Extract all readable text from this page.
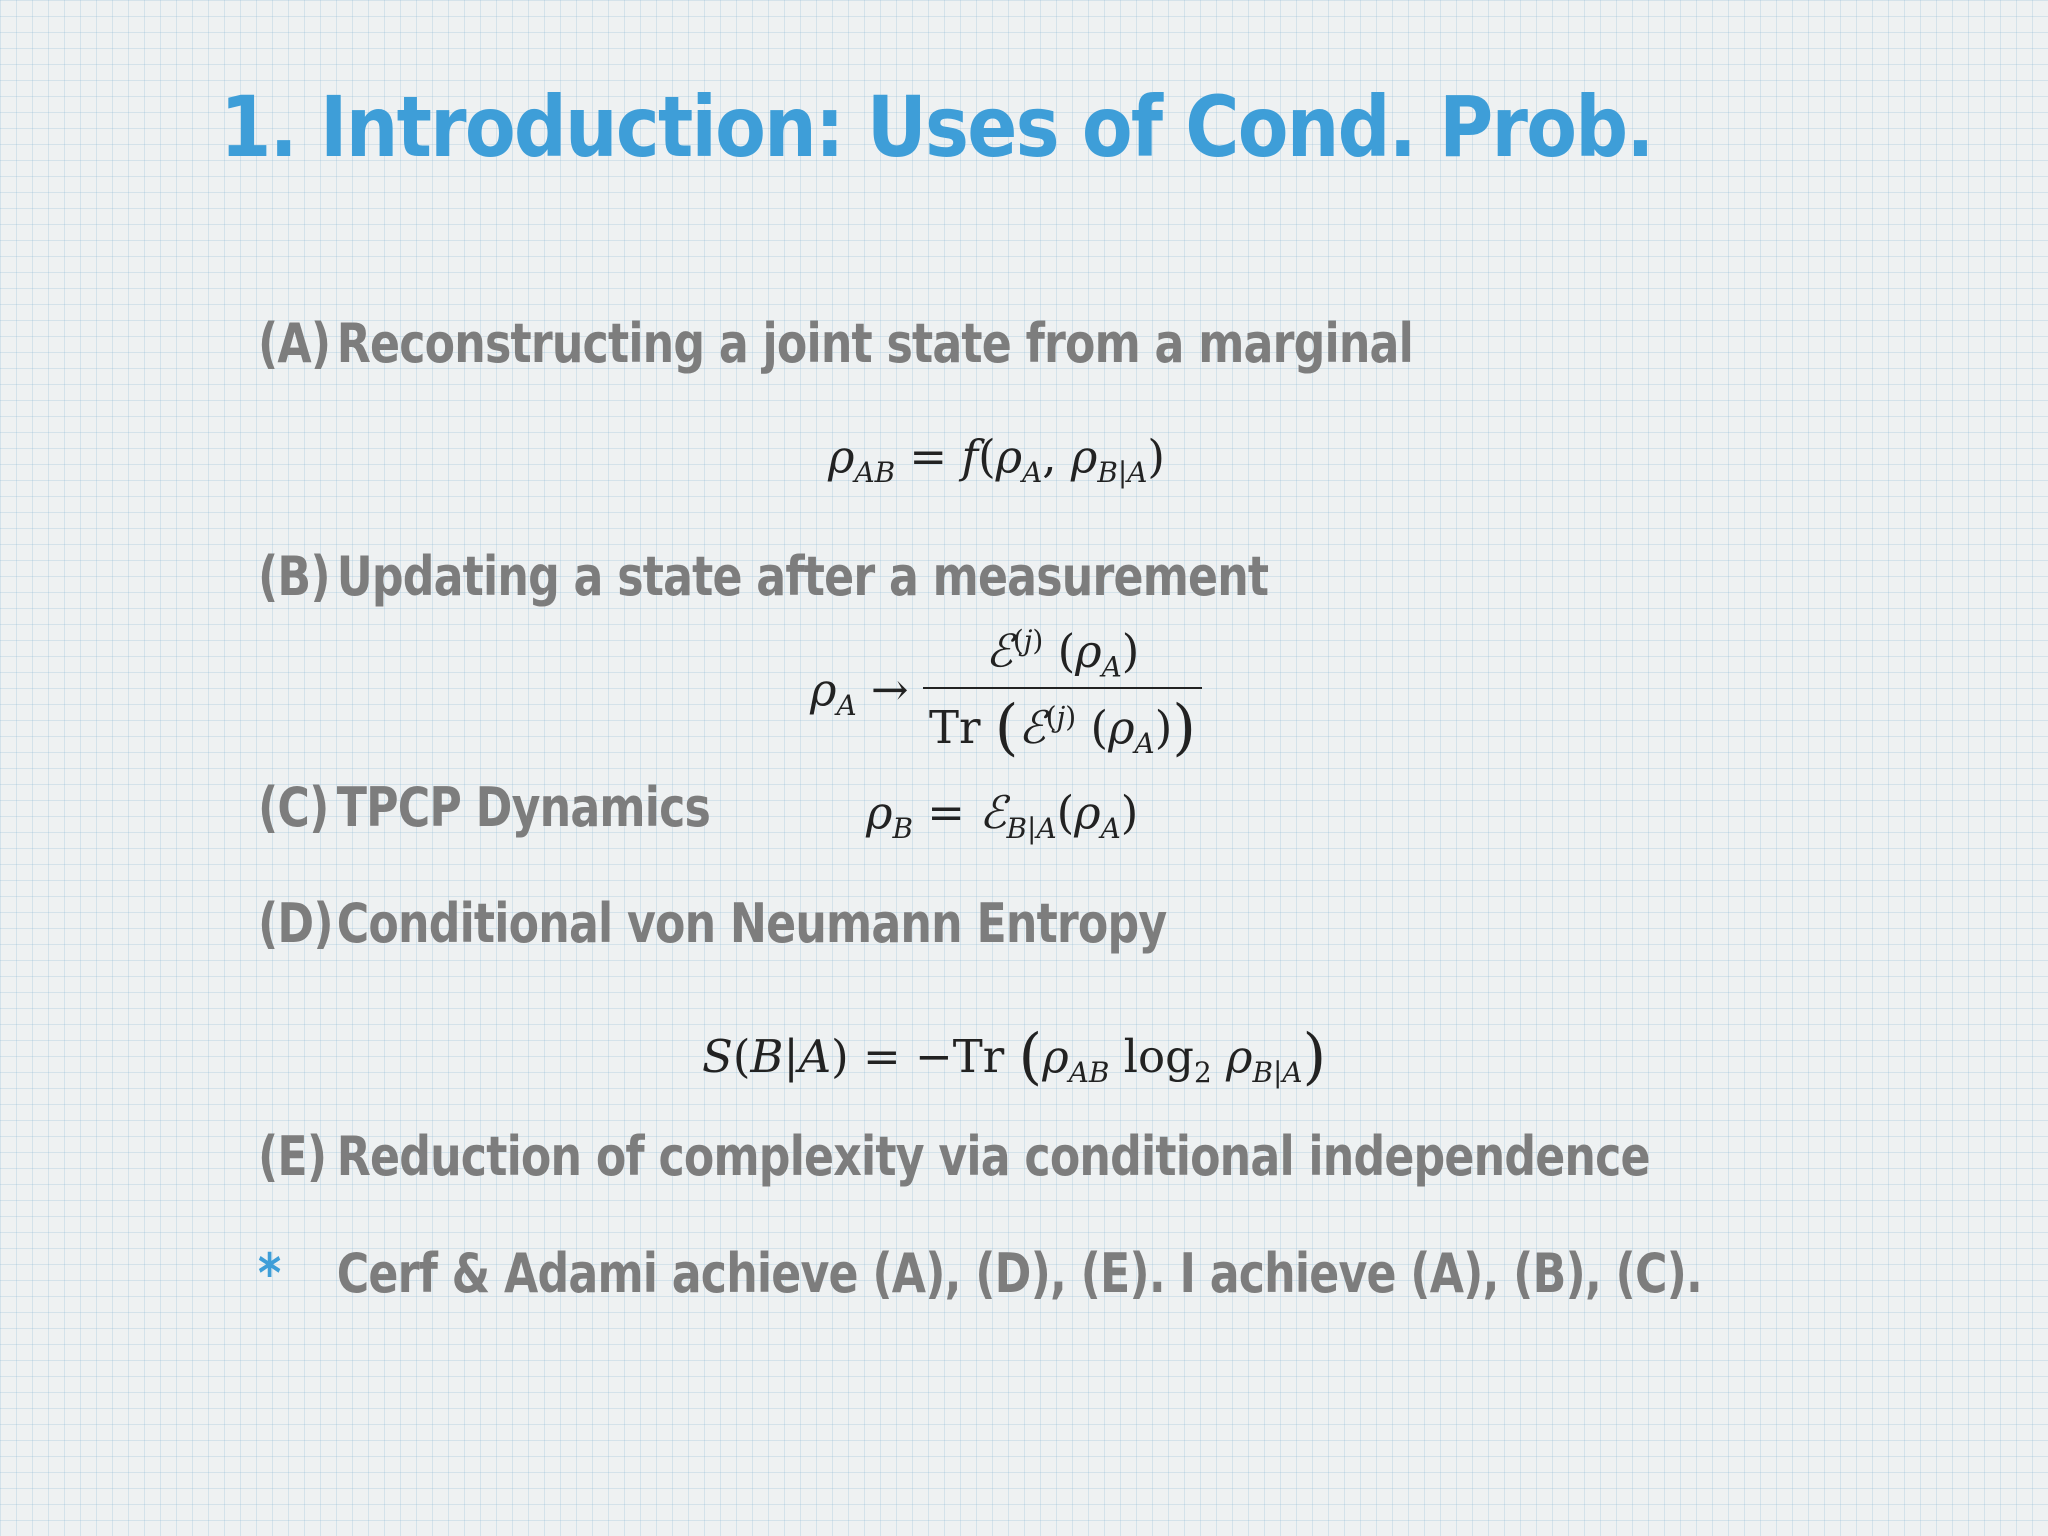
1. Introduction: Uses of Cond. Prob.
(A) Reconstructing a joint state from a marginal
$\rho_{AB} = f(\rho_A$, $\rho_{B|A}$)
(B) Updating a state after a measurement
$\rho_A \to \frac{ℰ^{(j)} (\rho_A)}{Tr (ℰ^{(j)} (\rho_A))}$
(C) TPCP Dynamics	$\rho_B$ = $ℰ_{B|A}(\rho_A)$
(D)Conditional von Neumann Entropy
S(B|A) = −Tr ($\rho_{AB}$ $\log_2 \rho_{B|A}$)
(E) Reduction of complexity via conditional independence
* Cerf & Adami achieve (A), (D), (E). I achieve (A), (B), (C).
